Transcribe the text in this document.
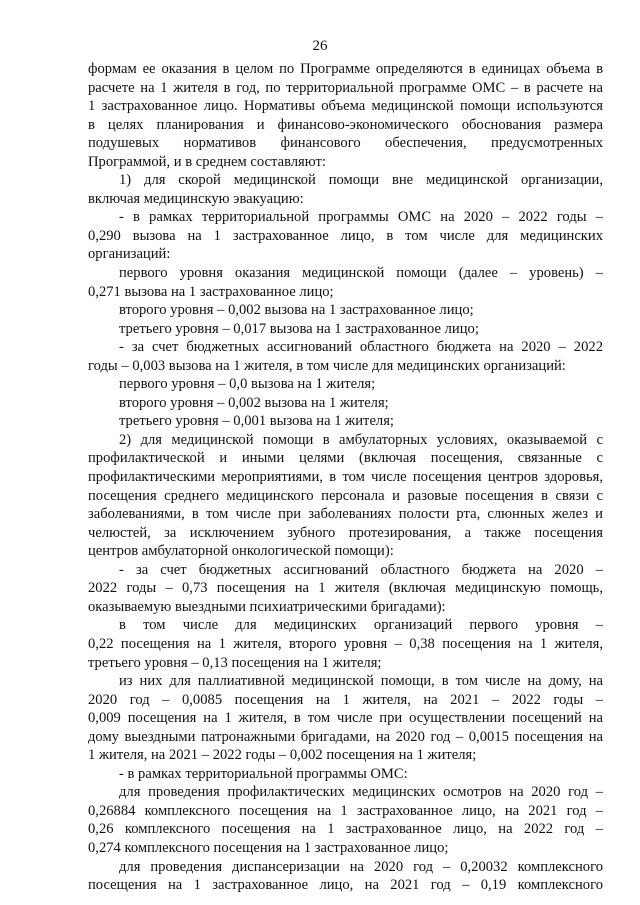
26
формам ее оказания в целом по Программе определяются в единицах объема в
расчете на 1 жителя в год, по территориальной программе ОМС – в расчете на
1 застрахованное лицо. Нормативы объема медицинской помощи используются
в целях планирования и финансово-экономического обоснования размера
подушевых нормативов финансового обеспечения, предусмотренных
Программой, и в среднем составляют:
1) для скорой медицинской помощи вне медицинской организации,
включая медицинскую эвакуацию:
- в рамках территориальной программы ОМС на 2020 – 2022 годы –
0,290 вызова на 1 застрахованное лицо, в том числе для медицинских
организаций:
первого уровня оказания медицинской помощи (далее – уровень) –
0,271 вызова на 1 застрахованное лицо;
второго уровня – 0,002 вызова на 1 застрахованное лицо;
третьего уровня – 0,017 вызова на 1 застрахованное лицо;
- за счет бюджетных ассигнований областного бюджета на 2020 – 2022
годы – 0,003 вызова на 1 жителя, в том числе для медицинских организаций:
первого уровня – 0,0 вызова на 1 жителя;
второго уровня – 0,002 вызова на 1 жителя;
третьего уровня – 0,001 вызова на 1 жителя;
2) для медицинской помощи в амбулаторных условиях, оказываемой с
профилактической и иными целями (включая посещения, связанные с
профилактическими мероприятиями, в том числе посещения центров здоровья,
посещения среднего медицинского персонала и разовые посещения в связи с
заболеваниями, в том числе при заболеваниях полости рта, слюнных желез и
челюстей, за исключением зубного протезирования, а также посещения
центров амбулаторной онкологической помощи):
- за счет бюджетных ассигнований областного бюджета на 2020 –
2022 годы – 0,73 посещения на 1 жителя (включая медицинскую помощь,
оказываемую выездными психиатрическими бригадами):
в том числе для медицинских организаций первого уровня –
0,22 посещения на 1 жителя, второго уровня – 0,38 посещения на 1 жителя,
третьего уровня – 0,13 посещения на 1 жителя;
из них для паллиативной медицинской помощи, в том числе на дому, на
2020 год – 0,0085 посещения на 1 жителя, на 2021 – 2022 годы –
0,009 посещения на 1 жителя, в том числе при осуществлении посещений на
дому выездными патронажными бригадами, на 2020 год – 0,0015 посещения на
1 жителя, на 2021 – 2022 годы – 0,002 посещения на 1 жителя;
- в рамках территориальной программы ОМС:
для проведения профилактических медицинских осмотров на 2020 год –
0,26884 комплексного посещения на 1 застрахованное лицо, на 2021 год –
0,26 комплексного посещения на 1 застрахованное лицо, на 2022 год –
0,274 комплексного посещения на 1 застрахованное лицо;
для проведения диспансеризации на 2020 год – 0,20032 комплексного
посещения на 1 застрахованное лицо, на 2021 год – 0,19 комплексного
